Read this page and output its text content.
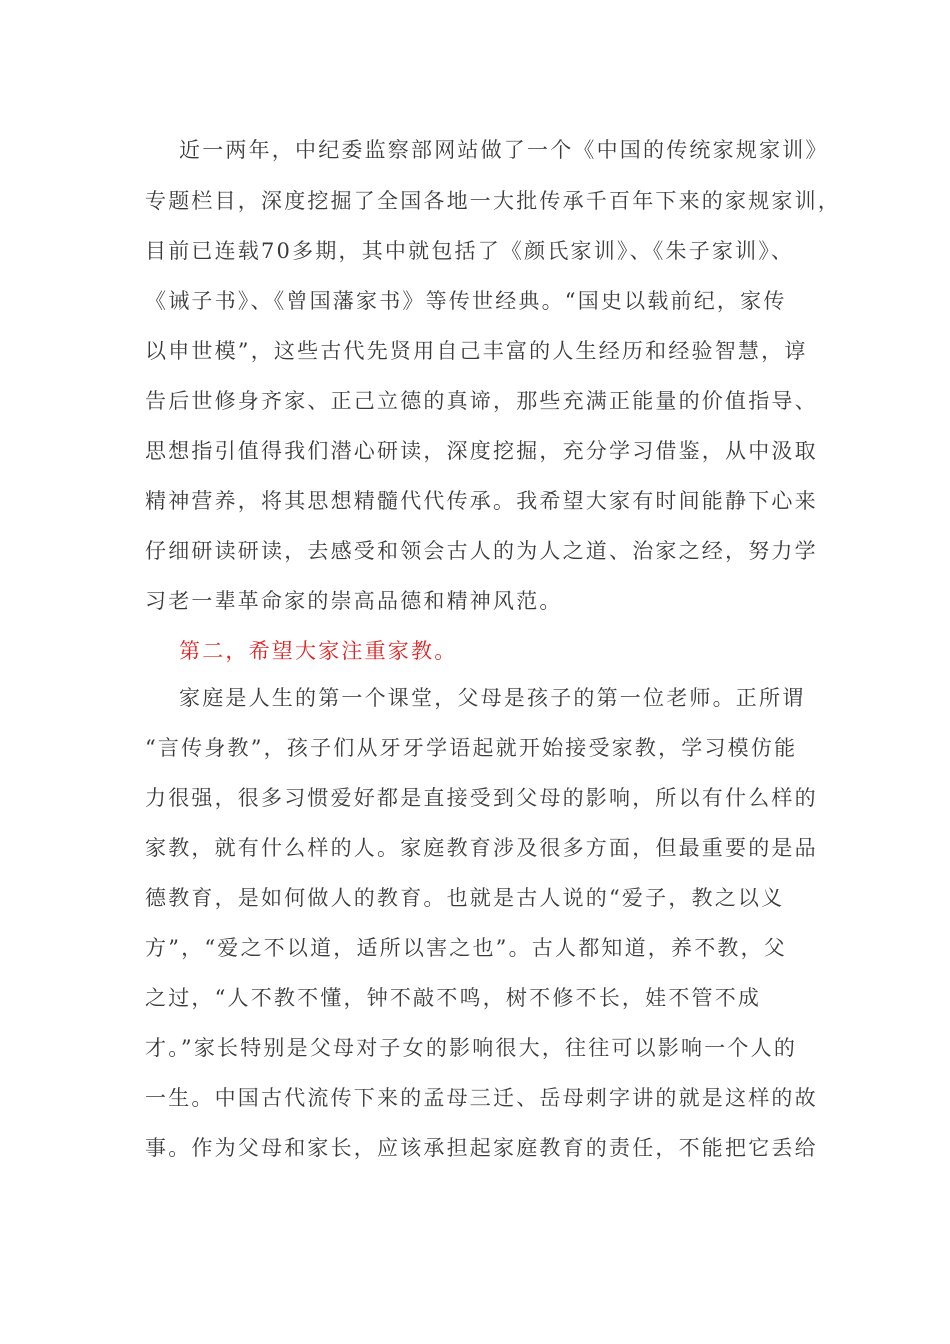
近一两年，中纪委监察部网站做了一个《中国的传统家规家训》
专题栏目，深度挖掘了全国各地一大批传承千百年下来的家规家训，
目前已连载70多期，其中就包括了《颜氏家训》、《朱子家训》、
《诫子书》、《曾国藩家书》等传世经典。“国史以载前纪，家传
以申世模”，这些古代先贤用自己丰富的人生经历和经验智慧，谆
告后世修身齐家、正己立德的真谛，那些充满正能量的价值指导、
思想指引值得我们潜心研读，深度挖掘，充分学习借鉴，从中汲取
精神营养，将其思想精髓代代传承。我希望大家有时间能静下心来
仔细研读研读，去感受和领会古人的为人之道、治家之经，努力学
习老一辈革命家的崇高品德和精神风范。
第二，希望大家注重家教。
家庭是人生的第一个课堂，父母是孩子的第一位老师。正所谓
“言传身教”，孩子们从牙牙学语起就开始接受家教，学习模仿能
力很强，很多习惯爱好都是直接受到父母的影响，所以有什么样的
家教，就有什么样的人。家庭教育涉及很多方面，但最重要的是品
德教育，是如何做人的教育。也就是古人说的“爱子，教之以义
方”，“爱之不以道，适所以害之也”。古人都知道，养不教，父
之过，“人不教不懂，钟不敲不鸣，树不修不长，娃不管不成
才。”家长特别是父母对子女的影响很大，往往可以影响一个人的
一生。中国古代流传下来的孟母三迁、岳母刺字讲的就是这样的故
事。作为父母和家长，应该承担起家庭教育的责任，不能把它丢给
